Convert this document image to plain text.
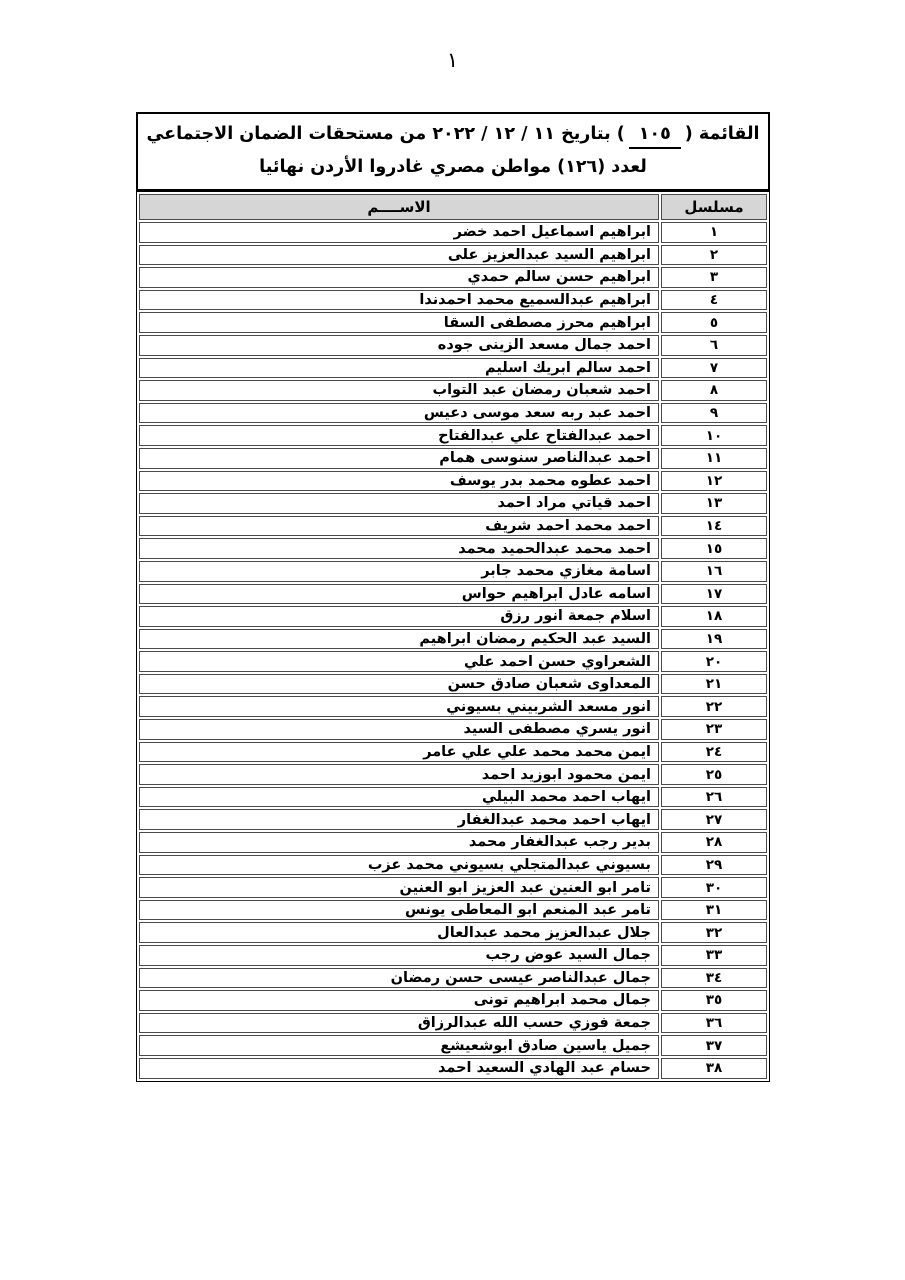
١
القائمة (١٠٥) بتاريخ ١١ / ١٢ / ٢٠٢٢ من مستحقات الضمان الاجتماعي
لعدد (١٢٦) مواطن مصري غادروا الأردن نهائيا
مسلسل	الاســــم
١	ابراهيم اسماعيل احمد خضر
٢	ابراهيم السيد عبدالعزيز على
٣	ابراهيم حسن سالم حمدي
٤	ابراهيم عبدالسميع محمد احمدندا
٥	ابراهيم محرز مصطفى السقا
٦	احمد جمال مسعد الزينى جوده
٧	احمد سالم ابريك اسليم
٨	احمد شعبان رمضان عبد التواب
٩	احمد عبد ربه سعد موسى دعيس
١٠	احمد عبدالفتاح علي عبدالفتاح
١١	احمد عبدالناصر سنوسى همام
١٢	احمد عطوه محمد بدر يوسف
١٣	احمد قياتي مراد احمد
١٤	احمد محمد احمد شريف
١٥	احمد محمد عبدالحميد محمد
١٦	اسامة مغازي محمد جابر
١٧	اسامه عادل ابراهيم حواس
١٨	اسلام جمعة انور رزق
١٩	السيد عبد الحكيم رمضان ابراهيم
٢٠	الشعراوي حسن احمد علي
٢١	المعداوى شعبان صادق حسن
٢٢	انور مسعد الشربيني بسيوني
٢٣	انور يسري مصطفى السيد
٢٤	ايمن محمد محمد علي علي عامر
٢٥	ايمن محمود ابوزيد احمد
٢٦	ايهاب احمد محمد البيلي
٢٧	ايهاب احمد محمد عبدالغفار
٢٨	بدير رجب عبدالغفار محمد
٢٩	بسيوني عبدالمتجلي بسيوني محمد عزب
٣٠	تامر ابو العنين عبد العزيز ابو العنين
٣١	تامر عبد المنعم ابو المعاطى يونس
٣٢	جلال عبدالعزيز محمد عبدالعال
٣٣	جمال السيد عوض رجب
٣٤	جمال عبدالناصر عيسى حسن رمضان
٣٥	جمال محمد ابراهيم تونى
٣٦	جمعة فوزي حسب الله عبدالرزاق
٣٧	جميل ياسين صادق ابوشعيشع
٣٨	حسام عبد الهادي السعيد احمد
